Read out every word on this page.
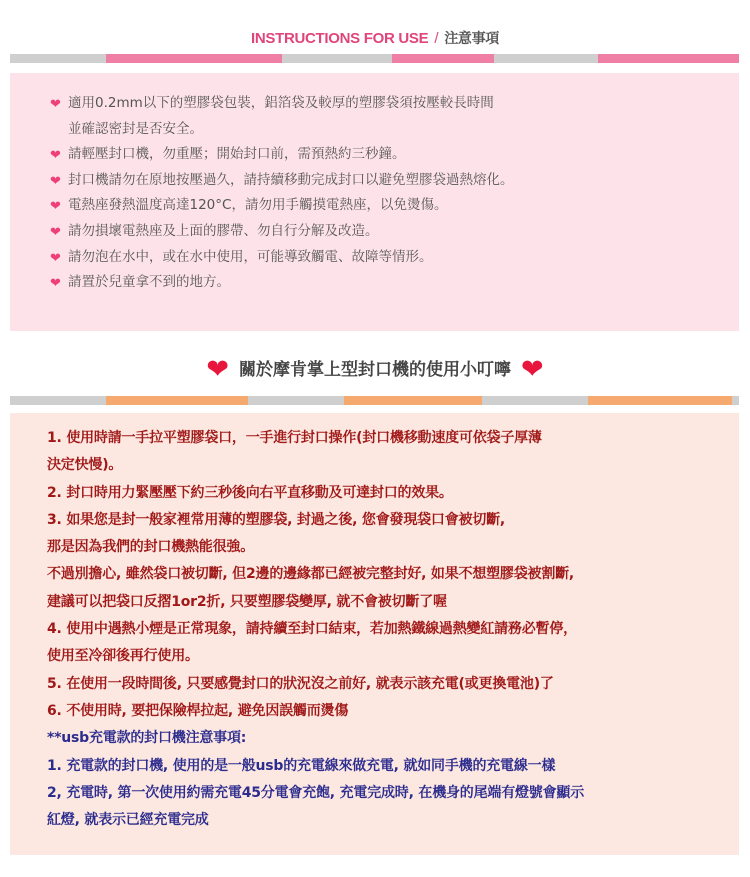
INSTRUCTIONS FOR USE / 注意事項
❤ 適用0.2mm以下的塑膠袋包裝，鋁箔袋及較厚的塑膠袋須按壓較長時間
並確認密封是否安全。
❤ 請輕壓封口機，勿重壓；開始封口前，需預熱約三秒鐘。
❤ 封口機請勿在原地按壓過久，請持續移動完成封口以避免塑膠袋過熱熔化。
❤ 電熱座發熱溫度高達120°C，請勿用手觸摸電熱座，以免燙傷。
❤ 請勿損壞電熱座及上面的膠帶、勿自行分解及改造。
❤ 請勿泡在水中，或在水中使用，可能導致觸電、故障等情形。
❤ 請置於兒童拿不到的地方。
❤ 關於摩肯掌上型封口機的使用小叮嚀 ❤
1. 使用時請一手拉平塑膠袋口，一手進行封口操作(封口機移動速度可依袋子厚薄
決定快慢)。
2. 封口時用力緊壓壓下約三秒後向右平直移動及可達封口的效果。
3. 如果您是封一般家裡常用薄的塑膠袋, 封過之後, 您會發現袋口會被切斷,
那是因為我們的封口機熱能很強。
不過別擔心, 雖然袋口被切斷, 但2邊的邊緣都已經被完整封好, 如果不想塑膠袋被割斷,
建議可以把袋口反摺1or2折, 只要塑膠袋變厚, 就不會被切斷了喔
4. 使用中遇熱小煙是正常現象，請持續至封口結束，若加熱鐵線過熱變紅請務必暫停，
使用至冷卻後再行使用。
5. 在使用一段時間後, 只要感覺封口的狀況沒之前好, 就表示該充電(或更換電池)了
6. 不使用時, 要把保險桿拉起, 避免因誤觸而燙傷
**usb充電款的封口機注意事項:
1. 充電款的封口機, 使用的是一般usb的充電線來做充電, 就如同手機的充電線一樣
2, 充電時, 第一次使用約需充電45分電會充飽, 充電完成時, 在機身的尾端有燈號會顯示
紅燈, 就表示已經充電完成
